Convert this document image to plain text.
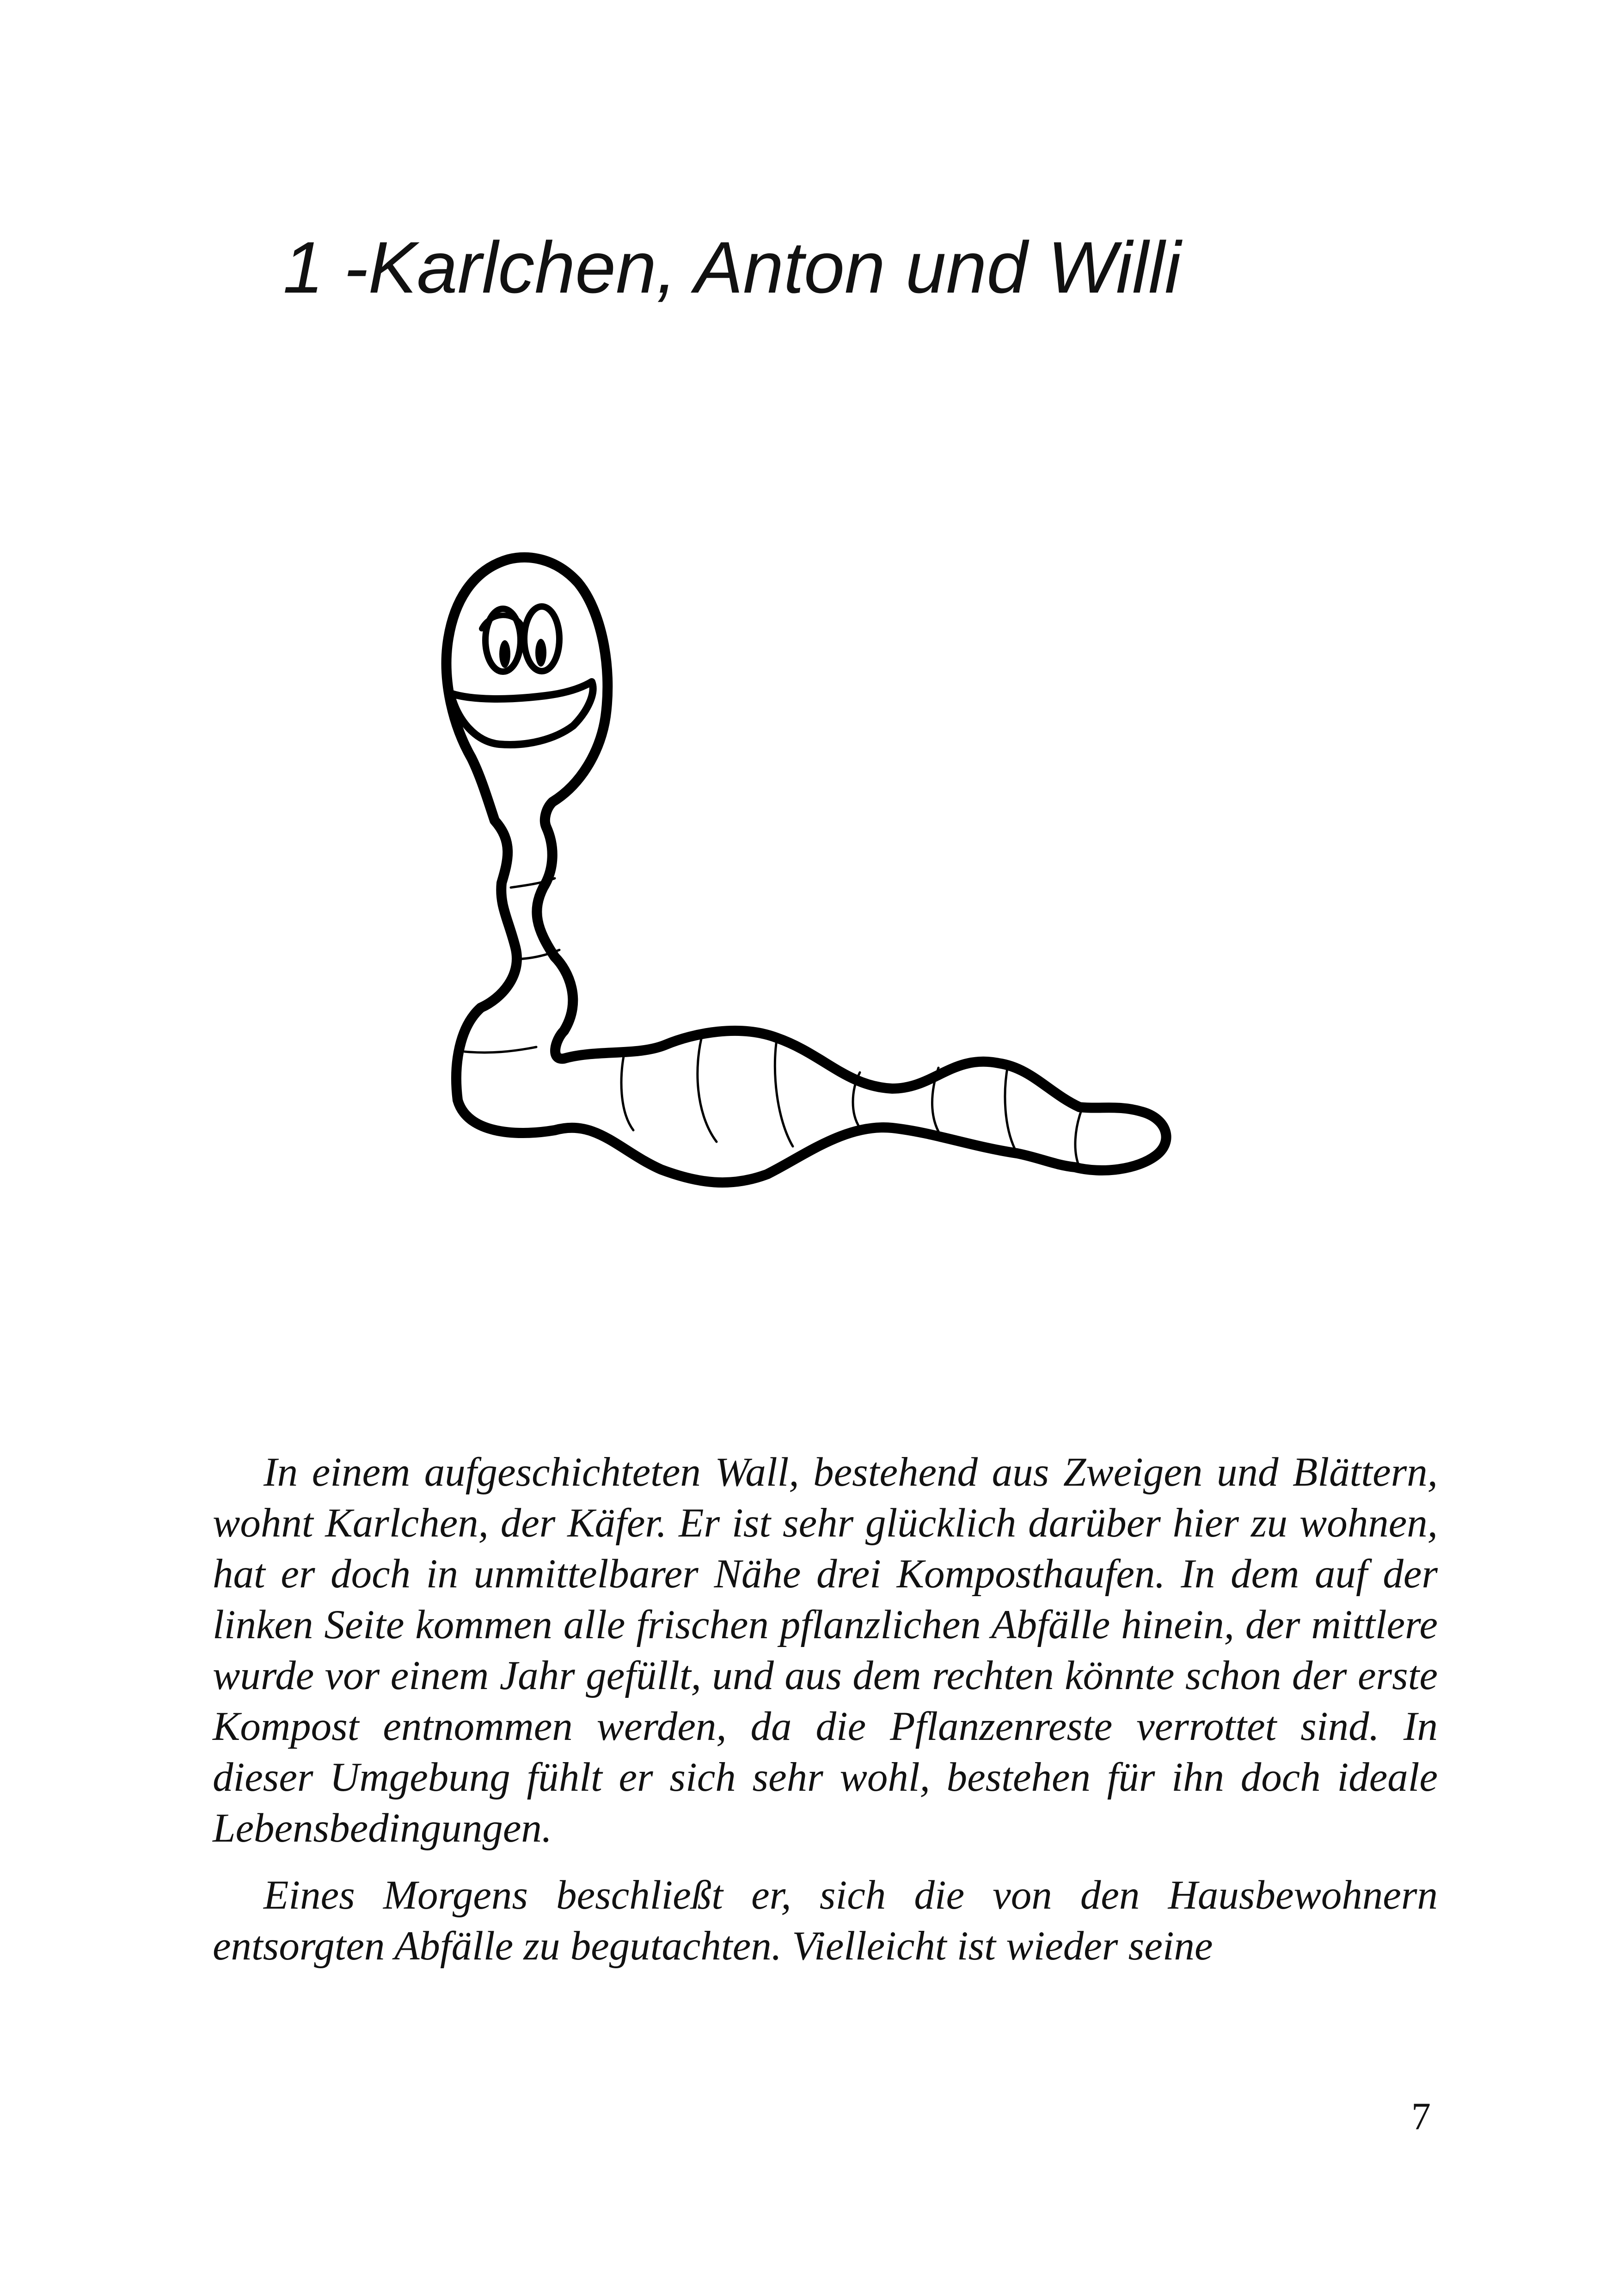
1 -Karlchen, Anton und Willi

In einem aufgeschichteten Wall, bestehend aus Zweigen und Blättern, wohnt Karlchen, der Käfer. Er ist sehr glücklich darüber hier zu wohnen, hat er doch in unmittelbarer Nähe drei Komposthaufen. In dem auf der linken Seite kommen alle frischen pflanzlichen Abfälle hinein, der mittlere wurde vor einem Jahr gefüllt, und aus dem rechten könnte schon der erste Kompost entnommen werden, da die Pflanzenreste verrottet sind. In dieser Umgebung fühlt er sich sehr wohl, bestehen für ihn doch ideale Lebensbedingungen.

Eines Morgens beschließt er, sich die von den Hausbewohnern entsorgten Abfälle zu begutachten. Vielleicht ist wieder seine

7
